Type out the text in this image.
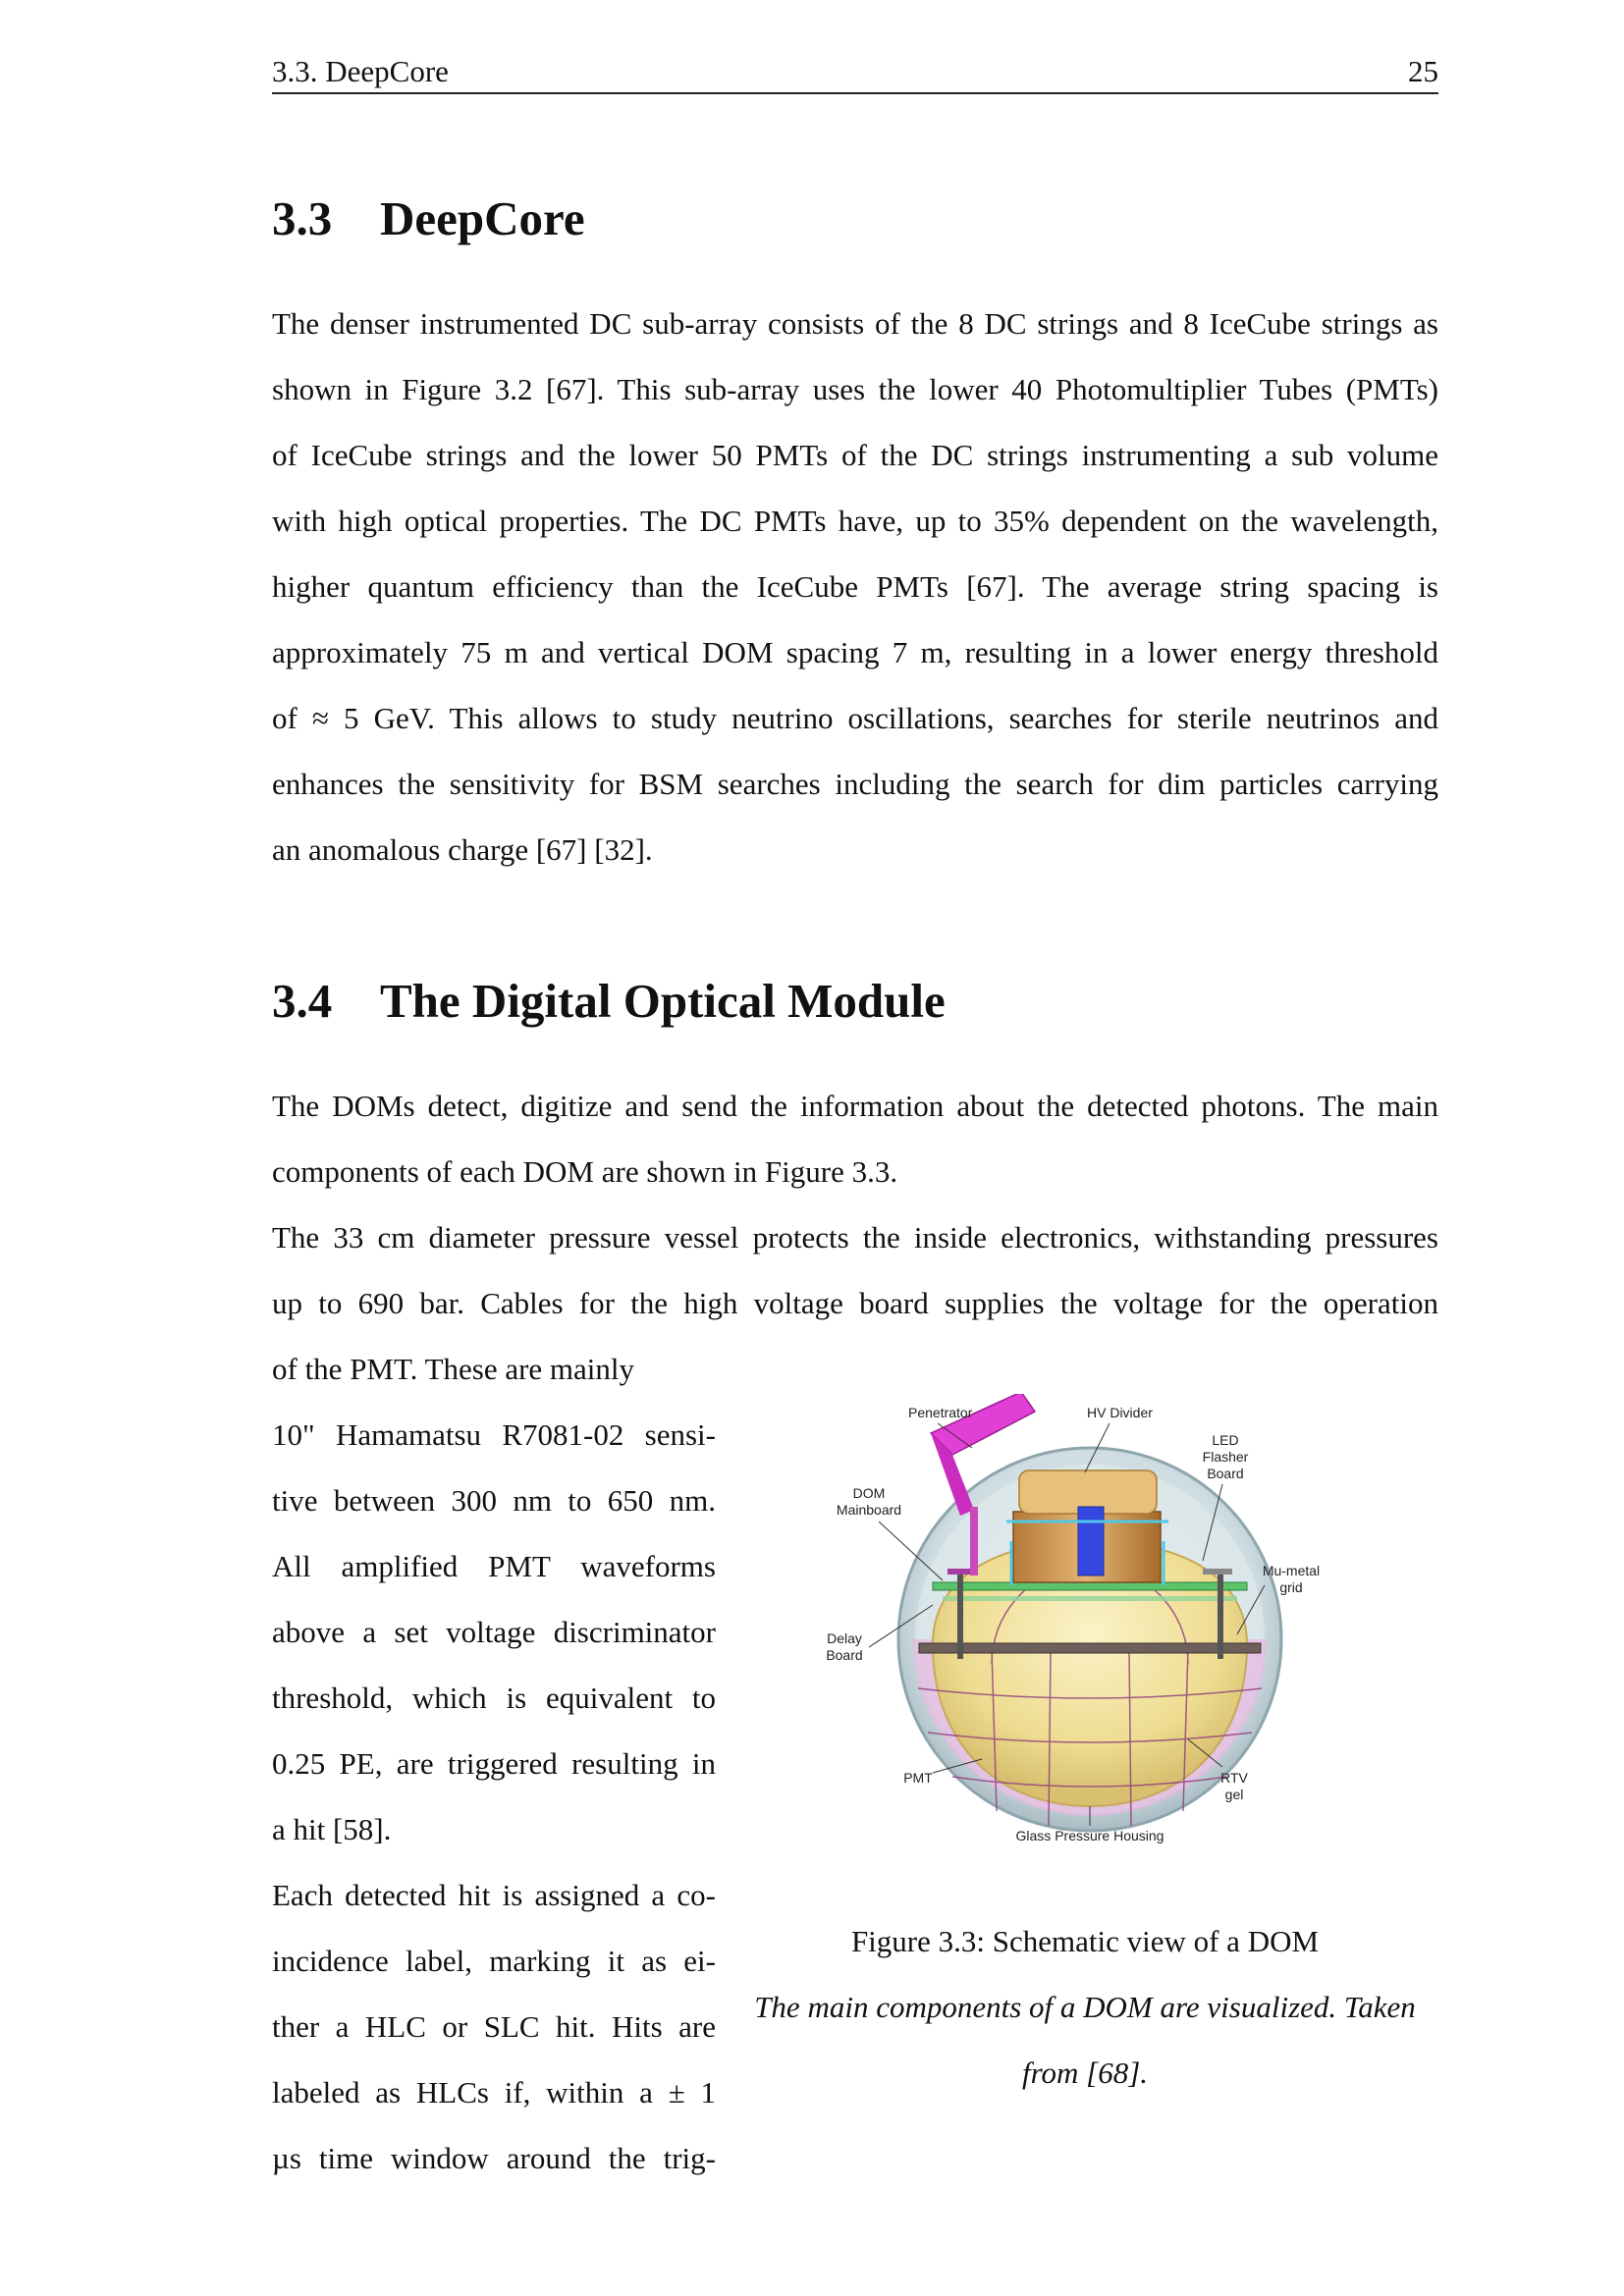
3.3. DeepCore	25
3.3 DeepCore
The denser instrumented DC sub-array consists of the 8 DC strings and 8 IceCube strings as
shown in Figure 3.2 [67]. This sub-array uses the lower 40 Photomultiplier Tubes (PMTs)
of IceCube strings and the lower 50 PMTs of the DC strings instrumenting a sub volume
with high optical properties. The DC PMTs have, up to 35% dependent on the wavelength,
higher quantum efficiency than the IceCube PMTs [67]. The average string spacing is
approximately 75 m and vertical DOM spacing 7 m, resulting in a lower energy threshold
of ≈ 5 GeV. This allows to study neutrino oscillations, searches for sterile neutrinos and
enhances the sensitivity for BSM searches including the search for dim particles carrying
an anomalous charge [67] [32].
3.4 The Digital Optical Module
The DOMs detect, digitize and send the information about the detected photons. The main
components of each DOM are shown in Figure 3.3.
The 33 cm diameter pressure vessel protects the inside electronics, withstanding pressures
up to 690 bar. Cables for the high voltage board supplies the voltage for the operation
of the PMT. These are mainly
10" Hamamatsu R7081-02 sensi-
tive between 300 nm to 650 nm.
All amplified PMT waveforms
above a set voltage discriminator
threshold, which is equivalent to
0.25 PE, are triggered resulting in
a hit [58].
Each detected hit is assigned a co-
incidence label, marking it as ei-
ther a HLC or SLC hit. Hits are
labeled as HLCs if, within a ± 1
µs time window around the trig-
Penetrator	HV Divider
LED
Flasher
Board
DOM
Mainboard
Mu-metal
grid
Delay
Board
PMT	RTV
gel
Glass Pressure Housing
Figure 3.3: Schematic view of a DOM
The main components of a DOM are visualized. Taken
from [68].
